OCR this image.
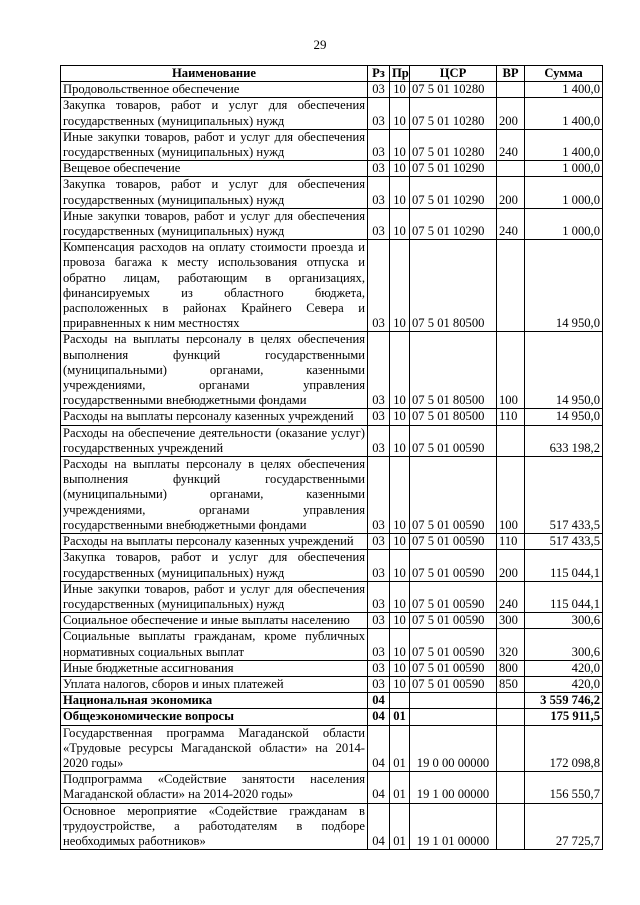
29
Наименование	Рз	Пр	ЦСР	ВР	Сумма
Продовольственное обеспечение	03	10	07 5 01 10280		1 400,0
Закупка товаров, работ и услуг для обеспечения государственных (муниципальных) нужд	03	10	07 5 01 10280	200	1 400,0
Иные закупки товаров, работ и услуг для обеспечения государственных (муниципальных) нужд	03	10	07 5 01 10280	240	1 400,0
Вещевое обеспечение	03	10	07 5 01 10290		1 000,0
Закупка товаров, работ и услуг для обеспечения государственных (муниципальных) нужд	03	10	07 5 01 10290	200	1 000,0
Иные закупки товаров, работ и услуг для обеспечения государственных (муниципальных) нужд	03	10	07 5 01 10290	240	1 000,0
Компенсация расходов на оплату стоимости проезда и провоза багажа к месту использования отпуска и обратно лицам, работающим в организациях, финансируемых из областного бюджета, расположенных в районах Крайнего Севера и приравненных к ним местностях	03	10	07 5 01 80500		14 950,0
Расходы на выплаты персоналу в целях обеспечения выполнения функций государственными (муниципальными) органами, казенными учреждениями, органами управления государственными внебюджетными фондами	03	10	07 5 01 80500	100	14 950,0
Расходы на выплаты персоналу казенных учреждений	03	10	07 5 01 80500	110	14 950,0
Расходы на обеспечение деятельности (оказание услуг) государственных учреждений	03	10	07 5 01 00590		633 198,2
Расходы на выплаты персоналу в целях обеспечения выполнения функций государственными (муниципальными) органами, казенными учреждениями, органами управления государственными внебюджетными фондами	03	10	07 5 01 00590	100	517 433,5
Расходы на выплаты персоналу казенных учреждений	03	10	07 5 01 00590	110	517 433,5
Закупка товаров, работ и услуг для обеспечения государственных (муниципальных) нужд	03	10	07 5 01 00590	200	115 044,1
Иные закупки товаров, работ и услуг для обеспечения государственных (муниципальных) нужд	03	10	07 5 01 00590	240	115 044,1
Социальное обеспечение и иные выплаты населению	03	10	07 5 01 00590	300	300,6
Социальные выплаты гражданам, кроме публичных нормативных социальных выплат	03	10	07 5 01 00590	320	300,6
Иные бюджетные ассигнования	03	10	07 5 01 00590	800	420,0
Уплата налогов, сборов и иных платежей	03	10	07 5 01 00590	850	420,0
Национальная экономика	04				3 559 746,2
Общеэкономические вопросы	04	01			175 911,5
Государственная программа Магаданской области «Трудовые ресурсы Магаданской области» на 2014-2020 годы»	04	01	19 0 00 00000		172 098,8
Подпрограмма «Содействие занятости населения Магаданской области» на 2014-2020 годы»	04	01	19 1 00 00000		156 550,7
Основное мероприятие «Содействие гражданам в трудоустройстве, а работодателям в подборе необходимых работников»	04	01	19 1 01 00000		27 725,7
